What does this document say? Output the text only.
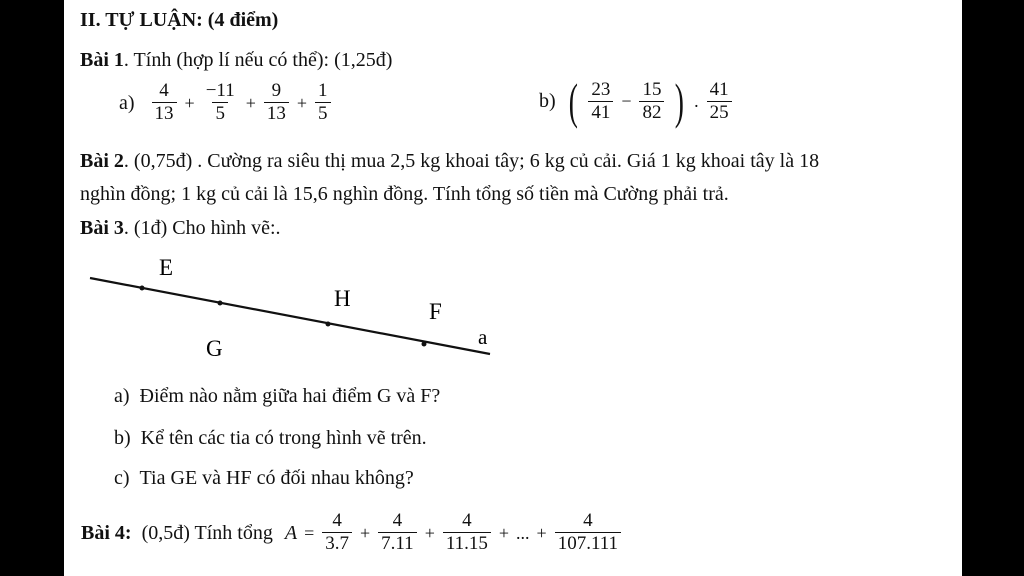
II. TỰ LUẬN: (4 điểm)
Bài 1. Tính (hợp lí nếu có thể): (1,25đ)
$a) \frac{4}{13} + \frac{-11}{5} + \frac{9}{13} + \frac{1}{5}$	b) ( $\frac{23}{41} - \frac{15}{82}$ ) . $\frac{41}{25}$
Bài 2. (0,75đ) . Cường ra siêu thị mua 2,5 kg khoai tây; 6 kg củ cải. Giá 1 kg khoai tây là 18
nghìn đồng; 1 kg củ cải là 15,6 nghìn đồng. Tính tổng số tiền mà Cường phải trả.
Bài 3. (1đ) Cho hình vẽ:.
E
H
F
G	a
a) Điểm nào nằm giữa hai điểm G và F?
b) Kể tên các tia có trong hình vẽ trên.
c) Tia GE và HF có đối nhau không?
Bài 4: (0,5đ) Tính tổng $A = \frac{4}{3.7} + \frac{4}{7.11} + \frac{4}{11.15}$ + ... + $\frac{4}{107.111}$
